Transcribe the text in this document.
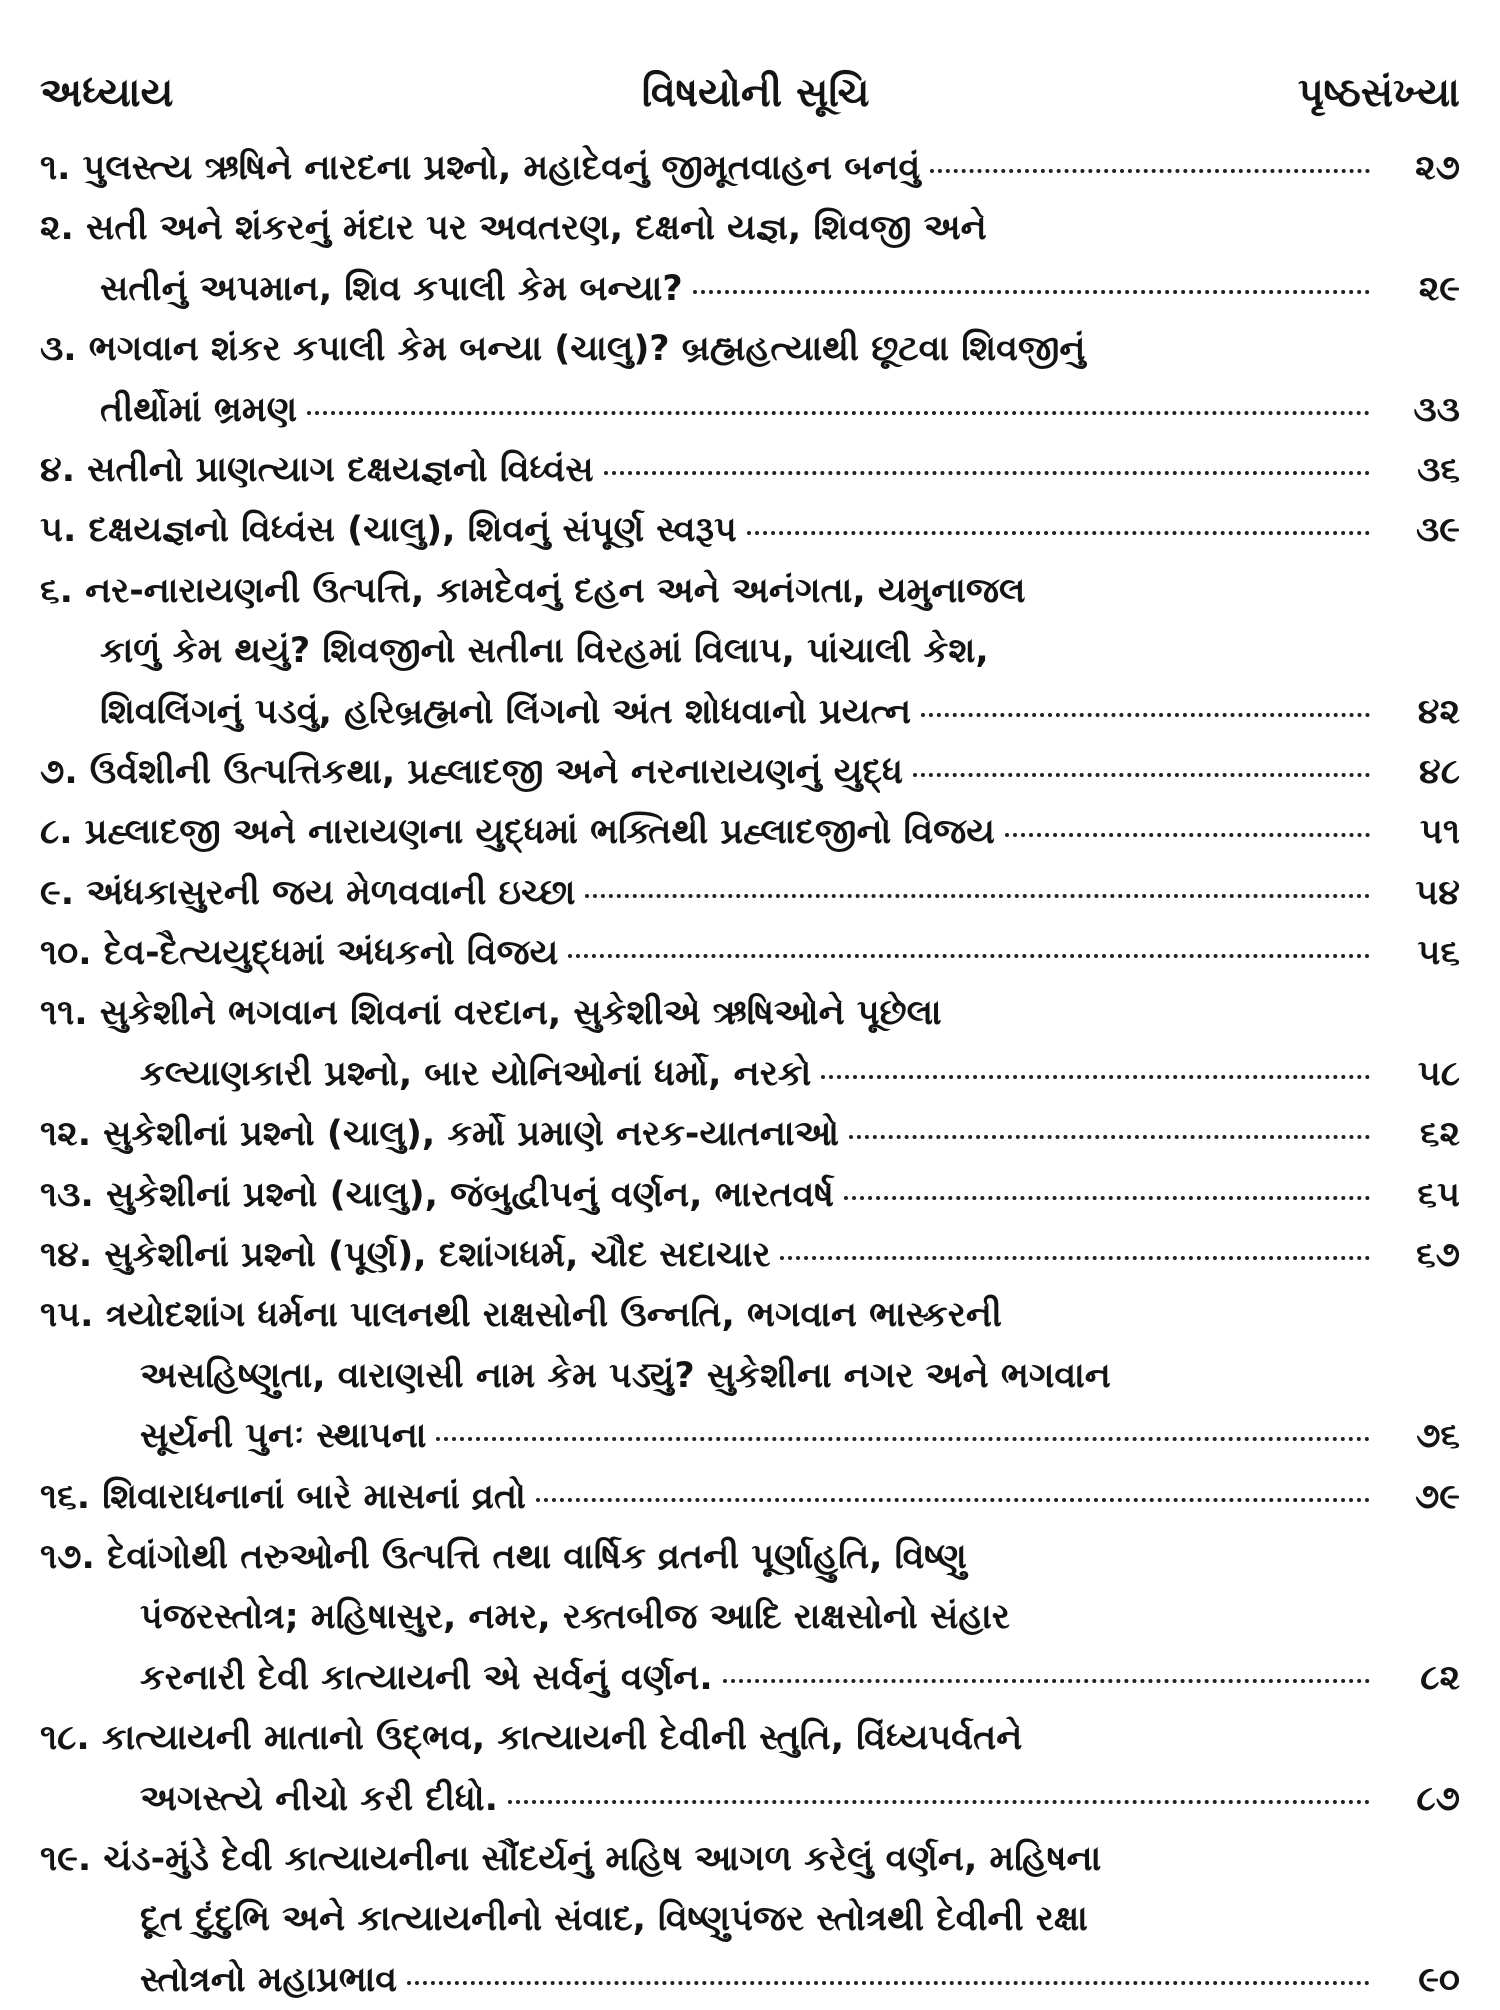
અધ્યાય	વિષયોની સૂચિ	પૃષ્ઠસંખ્યા
૧. પુલસ્ત્ય ઋષિને નારદના પ્રશ્નો, મહાદેવનું જીમૂતવાહન બનવું	૨૭
૨. સતી અને શંકરનું મંદાર પર અવતરણ, દક્ષનો યજ્ઞ, શિવજી અને
સતીનું અપમાન, શિવ કપાલી કેમ બન્યા?	૨૯
૩. ભગવાન શંકર કપાલી કેમ બન્યા (ચાલુ)? બ્રહ્મહત્યાથી છૂટવા શિવજીનું
તીર્થોમાં ભ્રમણ	૩૩
૪. સતીનો પ્રાણત્યાગ દક્ષયજ્ઞનો વિધ્વંસ	૩૬
૫. દક્ષયજ્ઞનો વિધ્વંસ (ચાલુ), શિવનું સંપૂર્ણ સ્વરૂપ	૩૯
૬. નર-નારાયણની ઉત્પત્તિ, કામદેવનું દહન અને અનંગતા, યમુનાજલ
કાળું કેમ થયું? શિવજીનો સતીના વિરહમાં વિલાપ, પાંચાલી કેશ,
શિવલિંગનું પડવું, હરિબ્રહ્મનો લિંગનો અંત શોધવાનો પ્રયત્ન	૪૨
૭. ઉર્વશીની ઉત્પત્તિકથા, પ્રહ્લાદજી અને નરનારાયણનું યુદ્ધ	૪૮
૮. પ્રહ્લાદજી અને નારાયણના યુદ્ધમાં ભક્તિથી પ્રહ્લાદજીનો વિજય	૫૧
૯. અંધકાસુરની જય મેળવવાની ઇચ્છા	૫૪
૧૦. દેવ-દૈત્યયુદ્ધમાં અંધકનો વિજય	૫૬
૧૧. સુકેશીને ભગવાન શિવનાં વરદાન, સુકેશીએ ઋષિઓને પૂછેલા
કલ્યાણકારી પ્રશ્નો, બાર યોનિઓનાં ધર્મો, નરકો	૫૮
૧૨. સુકેશીનાં પ્રશ્નો (ચાલુ), કર્મો પ્રમાણે નરક-યાતનાઓ	૬૨
૧૩. સુકેશીનાં પ્રશ્નો (ચાલુ), જંબુદ્વીપનું વર્ણન, ભારતવર્ષ	૬૫
૧૪. સુકેશીનાં પ્રશ્નો (પૂર્ણ), દશાંગધર્મ, ચૌદ સદાચાર	૬૭
૧૫. ત્રયોદશાંગ ધર્મના પાલનથી રાક્ષસોની ઉન્નતિ, ભગવાન ભાસ્કરની
અસહિષ્ણુતા, વારાણસી નામ કેમ પડ્યું? સુકેશીના નગર અને ભગવાન
સૂર્યની પુનઃ સ્થાપના	૭૬
૧૬. શિવારાધનાનાં બારે માસનાં વ્રતો	૭૯
૧૭. દેવાંગોથી તરુઓની ઉત્પત્તિ તથા વાર્ષિક વ્રતની પૂર્ણાહુતિ, વિષ્ણુ
પંજરસ્તોત્ર; મહિષાસુર, નમર, રક્તબીજ આદિ રાક્ષસોનો સંહાર
કરનારી દેવી કાત્યાયની એ સર્વનું વર્ણન.	૮૨
૧૮. કાત્યાયની માતાનો ઉદ્ભવ, કાત્યાયની દેવીની સ્તુતિ, વિંધ્યપર્વતને
અગસ્ત્યે નીચો કરી દીધો.	૮૭
૧૯. ચંડ-મુંડે દેવી કાત્યાયનીના સૌંદર્યનું મહિષ આગળ કરેલું વર્ણન, મહિષના
દૂત દુંદુભિ અને કાત્યાયનીનો સંવાદ, વિષ્ણુપંજર સ્તોત્રથી દેવીની રક્ષા
સ્તોત્રનો મહાપ્રભાવ	૯૦
